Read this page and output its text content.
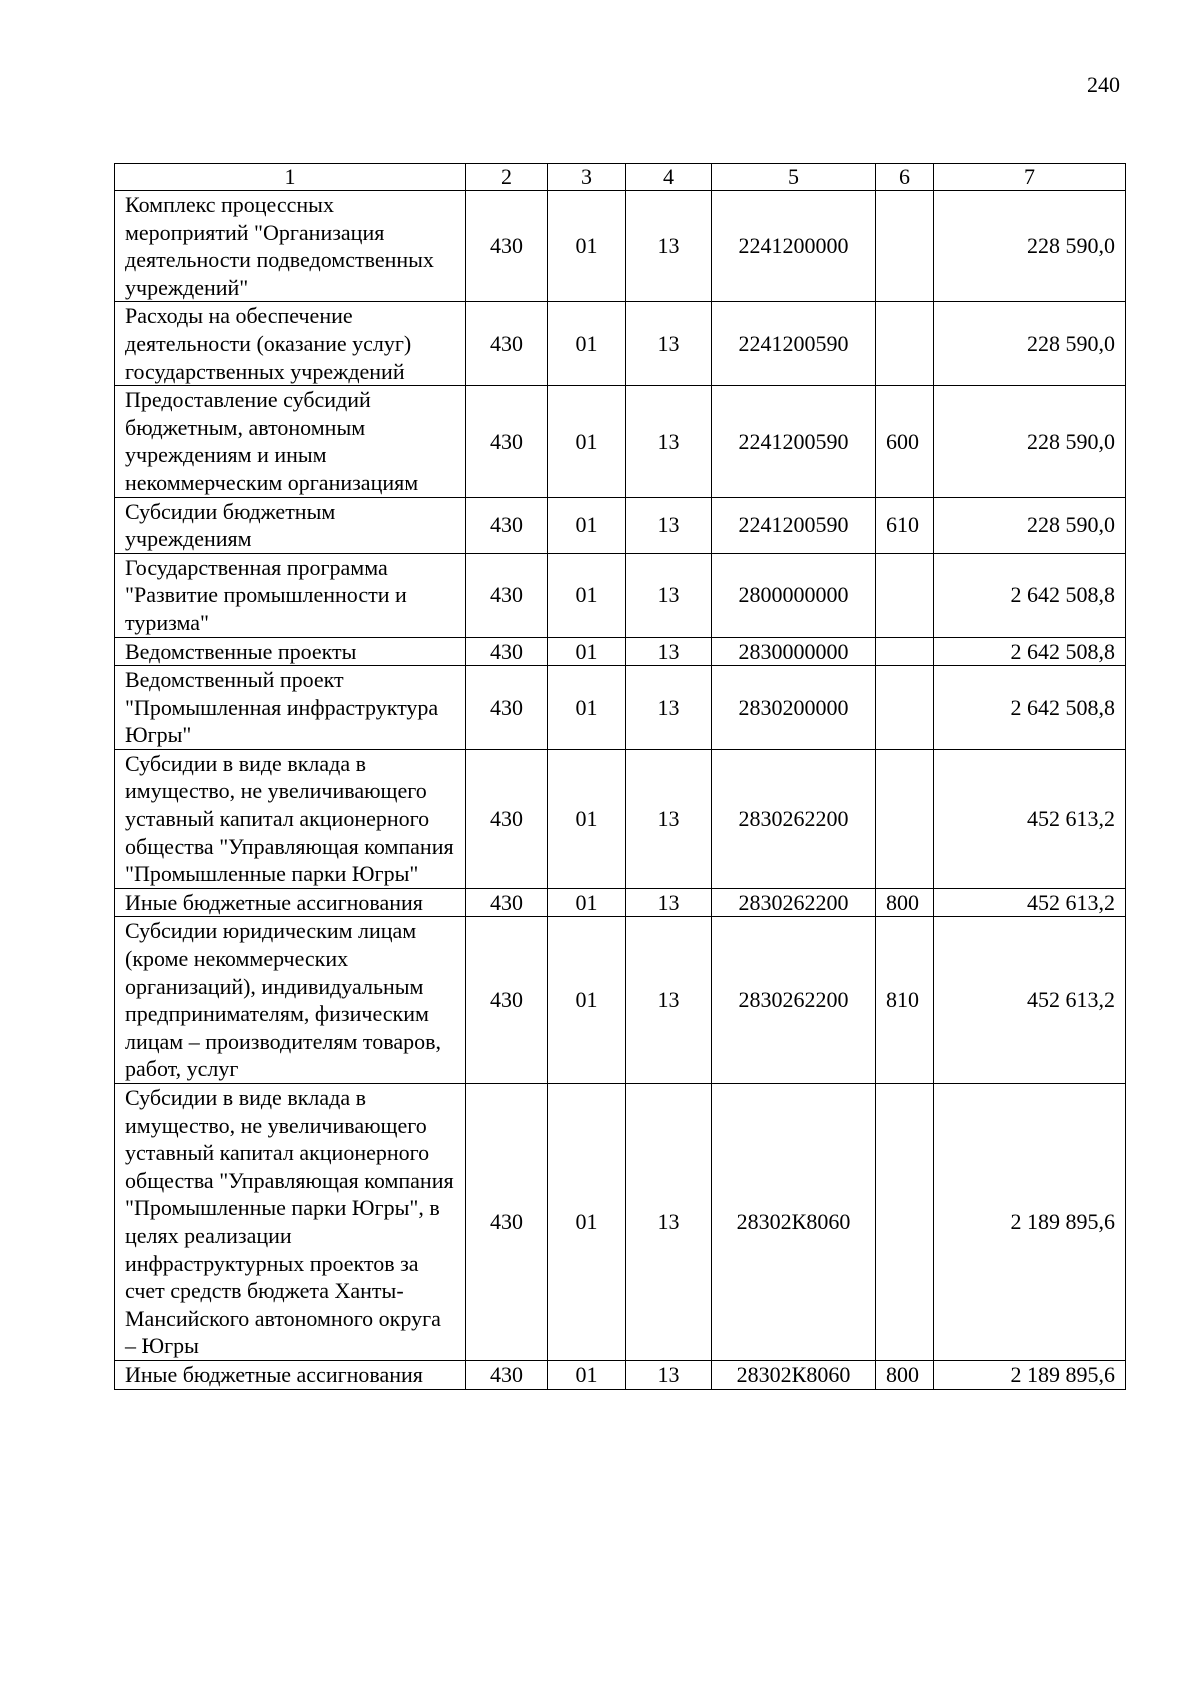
240
1	2	3	4	5	6	7
Комплекс процессных мероприятий "Организация деятельности подведомственных учреждений"	430	01	13	2241200000		228 590,0
Расходы на обеспечение деятельности (оказание услуг) государственных учреждений	430	01	13	2241200590		228 590,0
Предоставление субсидий бюджетным, автономным учреждениям и иным некоммерческим организациям	430	01	13	2241200590	600	228 590,0
Субсидии бюджетным учреждениям	430	01	13	2241200590	610	228 590,0
Государственная программа "Развитие промышленности и туризма"	430	01	13	2800000000		2 642 508,8
Ведомственные проекты	430	01	13	2830000000		2 642 508,8
Ведомственный проект "Промышленная инфраструктура Югры"	430	01	13	2830200000		2 642 508,8
Субсидии в виде вклада в имущество, не увеличивающего уставный капитал акционерного общества "Управляющая компания "Промышленные парки Югры"	430	01	13	2830262200		452 613,2
Иные бюджетные ассигнования	430	01	13	2830262200	800	452 613,2
Субсидии юридическим лицам (кроме некоммерческих организаций), индивидуальным предпринимателям, физическим лицам – производителям товаров, работ, услуг	430	01	13	2830262200	810	452 613,2
Субсидии в виде вклада в имущество, не увеличивающего уставный капитал акционерного общества "Управляющая компания "Промышленные парки Югры", в целях реализации инфраструктурных проектов за счет средств бюджета Ханты-Мансийского автономного округа – Югры	430	01	13	28302К8060		2 189 895,6
Иные бюджетные ассигнования	430	01	13	28302К8060	800	2 189 895,6
